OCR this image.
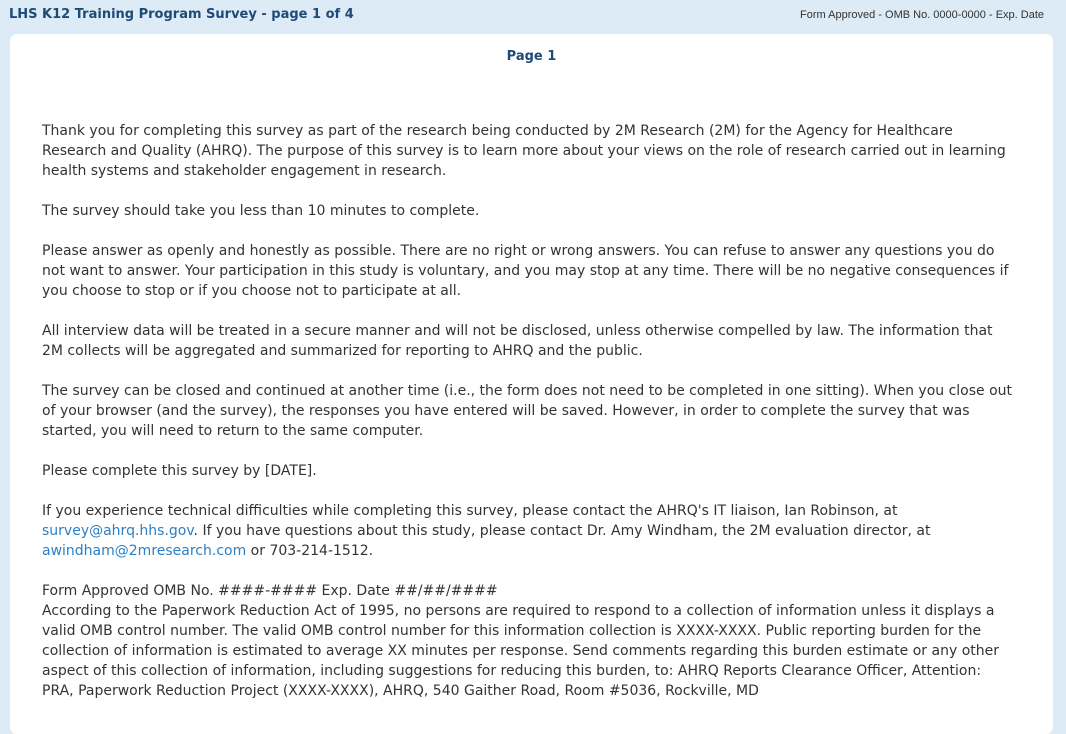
LHS K12 Training Program Survey - page 1 of 4	Form Approved - OMB No. 0000-0000 - Exp. Date
Page 1

Thank you for completing this survey as part of the research being conducted by 2M Research (2M) for the Agency for Healthcare Research and Quality (AHRQ). The purpose of this survey is to learn more about your views on the role of research carried out in learning health systems and stakeholder engagement in research.

The survey should take you less than 10 minutes to complete.

Please answer as openly and honestly as possible. There are no right or wrong answers. You can refuse to answer any questions you do not want to answer. Your participation in this study is voluntary, and you may stop at any time. There will be no negative consequences if you choose to stop or if you choose not to participate at all.

All interview data will be treated in a secure manner and will not be disclosed, unless otherwise compelled by law. The information that 2M collects will be aggregated and summarized for reporting to AHRQ and the public.

The survey can be closed and continued at another time (i.e., the form does not need to be completed in one sitting). When you close out of your browser (and the survey), the responses you have entered will be saved. However, in order to complete the survey that was started, you will need to return to the same computer.

Please complete this survey by [DATE].

If you experience technical difficulties while completing this survey, please contact the AHRQ's IT liaison, Ian Robinson, at survey@ahrq.hhs.gov. If you have questions about this study, please contact Dr. Amy Windham, the 2M evaluation director, at awindham@2mresearch.com or 703-214-1512.

Form Approved OMB No. ####-#### Exp. Date ##/##/####

According to the Paperwork Reduction Act of 1995, no persons are required to respond to a collection of information unless it displays a valid OMB control number. The valid OMB control number for this information collection is XXXX-XXXX. Public reporting burden for the collection of information is estimated to average XX minutes per response. Send comments regarding this burden estimate or any other aspect of this collection of information, including suggestions for reducing this burden, to: AHRQ Reports Clearance Officer, Attention: PRA, Paperwork Reduction Project (XXXX-XXXX), AHRQ, 540 Gaither Road, Room #5036, Rockville, MD
